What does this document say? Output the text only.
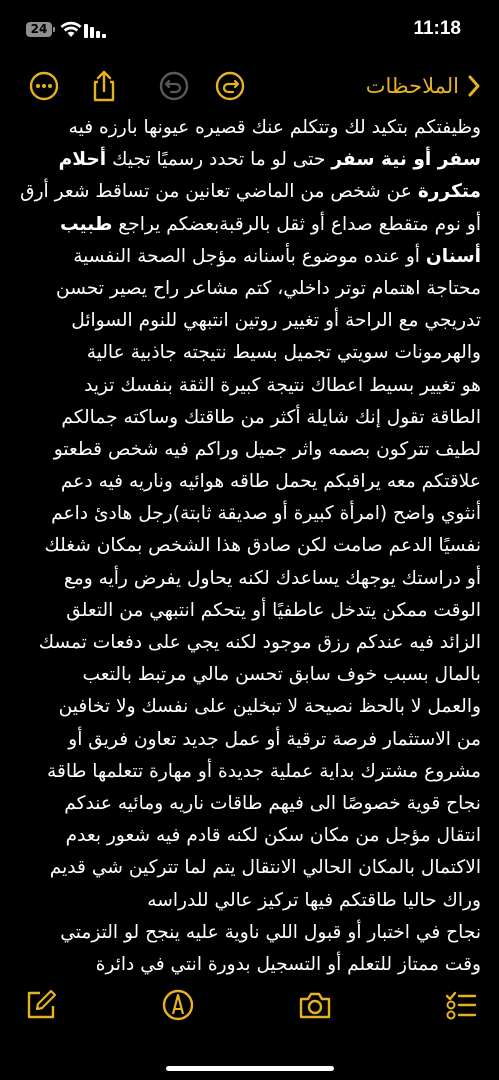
24	11:18
الملاحظات
وظيفتكم بتكيد لك وتتكلم عنك قصيره عيونها بارزه فيه
سفر أو نية سفر حتى لو ما تحدد رسميًا تجيك أحلام
متكررة عن شخص من الماضي تعانين من تساقط شعر أرق
أو نوم متقطع صداع أو ثقل بالرقبةبعضكم يراجع طبيب
أسنان أو عنده موضوع بأسنانه مؤجل الصحة النفسية
محتاجة اهتمام توتر داخلي، كتم مشاعر راح يصير تحسن
تدريجي مع الراحة أو تغيير روتين انتبهي للنوم السوائل
والهرمونات سويتي تجميل بسيط نتيجته جاذبية عالية
هو تغيير بسيط اعطاك نتيجة كبيرة الثقة بنفسك تزيد
الطاقة تقول إنك شايلة أكثر من طاقتك وساكته جمالكم
لطيف تتركون بصمه واثر جميل وراكم فيه شخص قطعتو
علاقتكم معه يراقبكم يحمل طاقه هوائيه وناريه فيه دعم
أنثوي واضح (امرأة كبيرة أو صديقة ثابتة)رجل هادئ داعم
نفسيًا الدعم صامت لكن صادق هذا الشخص بمكان شغلك
أو دراستك يوجهك يساعدك لكنه يحاول يفرض رأيه ومع
الوقت ممكن يتدخل عاطفيًا أو يتحكم انتبهي من التعلق
الزائد فيه عندكم رزق موجود لكنه يجي على دفعات تمسك
بالمال بسبب خوف سابق تحسن مالي مرتبط بالتعب
والعمل لا بالحظ نصيحة لا تبخلين على نفسك ولا تخافين
من الاستثمار فرصة ترقية أو عمل جديد تعاون فريق أو
مشروع مشترك بداية عملية جديدة أو مهارة تتعلمها طاقة
نجاح قوية خصوصًا الى فيهم طاقات ناريه ومائيه عندكم
انتقال مؤجل من مكان سكن لكنه قادم فيه شعور بعدم
الاكتمال بالمكان الحالي الانتقال يتم لما تتركين شي قديم
وراك حاليا طاقتكم فيها تركيز عالي للدراسه
نجاح في اختبار أو قبول اللي ناوية عليه ينجح لو التزمتي
وقت ممتاز للتعلم أو التسجيل بدورة انتي في دائرة
